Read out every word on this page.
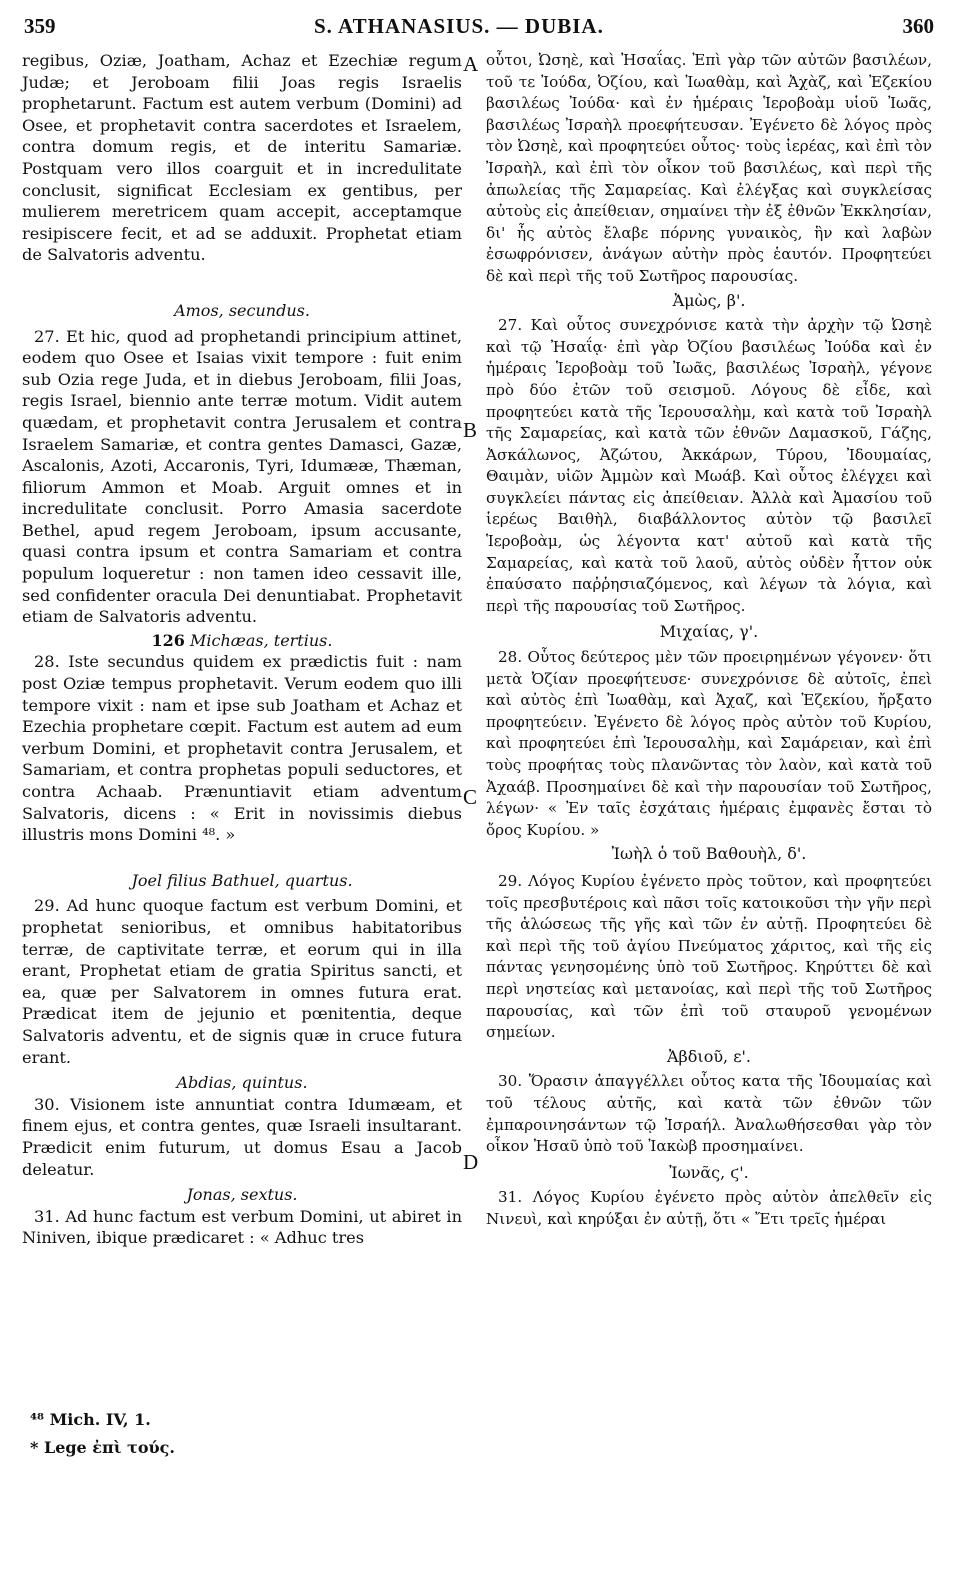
359	S. ATHANASIUS. — DUBIA.	360
A
B
C
D

regibus, Oziæ, Joatham, Achaz et Ezechiæ regum Judæ; et Jeroboam filii Joas regis Israelis prophetarunt. Factum est autem verbum (Domini) ad Osee, et prophetavit contra sacerdotes et Israelem, contra domum regis, et de interitu Samariæ. Postquam vero illos coarguit et in incredulitate conclusit, significat Ecclesiam ex gentibus, per mulierem meretricem quam accepit, acceptamque resipiscere fecit, et ad se adduxit. Prophetat etiam de Salvatoris adventu.

Amos, secundus.

27. Et hic, quod ad prophetandi principium attinet, eodem quo Osee et Isaias vixit tempore : fuit enim sub Ozia rege Juda, et in diebus Jeroboam, filii Joas, regis Israel, biennio ante terræ motum. Vidit autem quædam, et prophetavit contra Jerusalem et contra Israelem Samariæ, et contra gentes Damasci, Gazæ, Ascalonis, Azoti, Accaronis, Tyri, Idumææ, Thæman, filiorum Ammon et Moab. Arguit omnes et in incredulitate conclusit. Porro Amasia sacerdote Bethel, apud regem Jeroboam, ipsum accusante, quasi contra ipsum et contra Samariam et contra populum loqueretur : non tamen ideo cessavit ille, sed confidenter oracula Dei denuntiabat. Prophetavit etiam de Salvatoris adventu.

126 Michæas, tertius.

28. Iste secundus quidem ex prædictis fuit : nam post Oziæ tempus prophetavit. Verum eodem quo illi tempore vixit : nam et ipse sub Joatham et Achaz et Ezechia prophetare cœpit. Factum est autem ad eum verbum Domini, et prophetavit contra Jerusalem, et Samariam, et contra prophetas populi seductores, et contra Achaab. Prænuntiavit etiam adventum Salvatoris, dicens : « Erit in novissimis diebus illustris mons Domini ⁴⁸. »

Joel filius Bathuel, quartus.

29. Ad hunc quoque factum est verbum Domini, et prophetat senioribus, et omnibus habitatoribus terræ, de captivitate terræ, et eorum qui in illa erant, Prophetat etiam de gratia Spiritus sancti, et ea, quæ per Salvatorem in omnes futura erat. Prædicat item de jejunio et pœnitentia, deque Salvatoris adventu, et de signis quæ in cruce futura erant.

Abdias, quintus.

30. Visionem iste annuntiat contra Idumæam, et finem ejus, et contra gentes, quæ Israeli insultarant. Prædicit enim futurum, ut domus Esau a Jacob deleatur.

Jonas, sextus.

31. Ad hunc factum est verbum Domini, ut abiret in Niniven, ibique prædicaret : « Adhuc tres

οὗτοι, Ὠσηὲ, καὶ Ἠσαΐας. Ἐπὶ γὰρ τῶν αὐτῶν βασιλέων, τοῦ τε Ἰούδα, Ὀζίου, καὶ Ἰωαθὰμ, καὶ Ἀχὰζ, καὶ Ἐζεκίου βασιλέως Ἰούδα· καὶ ἐν ἡμέραις Ἱεροβοὰμ υἱοῦ Ἰωᾶς, βασιλέως Ἰσραὴλ προεφήτευσαν. Ἐγένετο δὲ λόγος πρὸς τὸν Ὠσηὲ, καὶ προφητεύει οὗτος· τοὺς ἱερέας, καὶ ἐπὶ τὸν Ἰσραὴλ, καὶ ἐπὶ τὸν οἶκον τοῦ βασιλέως, καὶ περὶ τῆς ἀπωλείας τῆς Σαμαρείας. Καὶ ἐλέγξας καὶ συγκλείσας αὐτοὺς εἰς ἀπείθειαν, σημαίνει τὴν ἐξ ἐθνῶν Ἐκκλησίαν, δι' ἧς αὐτὸς ἔλαβε πόρνης γυναικὸς, ἣν καὶ λαβὼν ἐσωφρόνισεν, ἀνάγων αὐτὴν πρὸς ἑαυτόν. Προφητεύει δὲ καὶ περὶ τῆς τοῦ Σωτῆρος παρουσίας.

Ἀμὼς, β'.

27. Καὶ οὗτος συνεχρόνισε κατὰ τὴν ἀρχὴν τῷ Ὠσηὲ καὶ τῷ Ἠσαΐᾳ· ἐπὶ γὰρ Ὀζίου βασιλέως Ἰούδα καὶ ἐν ἡμέραις Ἱεροβοὰμ τοῦ Ἰωᾶς, βασιλέως Ἰσραὴλ, γέγονε πρὸ δύο ἐτῶν τοῦ σεισμοῦ. Λόγους δὲ εἶδε, καὶ προφητεύει κατὰ τῆς Ἱερουσαλὴμ, καὶ κατὰ τοῦ Ἰσραὴλ τῆς Σαμαρείας, καὶ κατὰ τῶν ἐθνῶν Δαμασκοῦ, Γάζης, Ἀσκάλωνος, Ἀζώτου, Ἀκκάρων, Τύρου, Ἰδουμαίας, Θαιμὰν, υἱῶν Ἀμμὼν καὶ Μωάβ. Καὶ οὗτος ἐλέγχει καὶ συγκλείει πάντας εἰς ἀπείθειαν. Ἀλλὰ καὶ Ἀμασίου τοῦ ἱερέως Βαιθὴλ, διαβάλλοντος αὐτὸν τῷ βασιλεῖ Ἱεροβοὰμ, ὡς λέγοντα κατ' αὐτοῦ καὶ κατὰ τῆς Σαμαρείας, καὶ κατὰ τοῦ λαοῦ, αὐτὸς οὐδὲν ἧττον οὐκ ἐπαύσατο παῤῥησιαζόμενος, καὶ λέγων τὰ λόγια, καὶ περὶ τῆς παρουσίας τοῦ Σωτῆρος.

Μιχαίας, γ'.

28. Οὗτος δεύτερος μὲν τῶν προειρημένων γέγονεν· ὅτι μετὰ Ὀζίαν προεφήτευσε· συνεχρόνισε δὲ αὐτοῖς, ἐπεὶ καὶ αὐτὸς ἐπὶ Ἰωαθὰμ, καὶ Ἀχαζ, καὶ Ἐζεκίου, ἤρξατο προφητεύειν. Ἐγένετο δὲ λόγος πρὸς αὐτὸν τοῦ Κυρίου, καὶ προφητεύει ἐπὶ Ἱερουσαλὴμ, καὶ Σαμάρειαν, καὶ ἐπὶ τοὺς προφήτας τοὺς πλανῶντας τὸν λαὸν, καὶ κατὰ τοῦ Ἀχαάβ. Προσημαίνει δὲ καὶ τὴν παρουσίαν τοῦ Σωτῆρος, λέγων· « Ἐν ταῖς ἐσχάταις ἡμέραις ἐμφανὲς ἔσται τὸ ὄρος Κυρίου. »

Ἰωὴλ ὁ τοῦ Βαθουὴλ, δ'.

29. Λόγος Κυρίου ἐγένετο πρὸς τοῦτον, καὶ προφητεύει τοῖς πρεσβυτέροις καὶ πᾶσι τοῖς κατοικοῦσι τὴν γῆν περὶ τῆς ἁλώσεως τῆς γῆς καὶ τῶν ἐν αὐτῇ. Προφητεύει δὲ καὶ περὶ τῆς τοῦ ἁγίου Πνεύματος χάριτος, καὶ τῆς εἰς πάντας γενησομένης ὑπὸ τοῦ Σωτῆρος. Κηρύττει δὲ καὶ περὶ νηστείας καὶ μετανοίας, καὶ περὶ τῆς τοῦ Σωτῆρος παρουσίας, καὶ τῶν ἐπὶ τοῦ σταυροῦ γενομένων σημείων.

Ἀβδιοῦ, ε'.

30. Ὅρασιν ἀπαγγέλλει οὗτος κατα τῆς Ἰδουμαίας καὶ τοῦ τέλους αὐτῆς, καὶ κατὰ τῶν ἐθνῶν τῶν ἐμπαροινησάντων τῷ Ἰσραήλ. Ἀναλωθήσεσθαι γὰρ τὸν οἶκον Ἠσαῦ ὑπὸ τοῦ Ἰακὼβ προσημαίνει.

Ἰωνᾶς, ϛ'.

31. Λόγος Κυρίου ἐγένετο πρὸς αὐτὸν ἀπελθεῖν εἰς Νινευὶ, καὶ κηρύξαι ἐν αὐτῇ, ὅτι « Ἔτι τρεῖς ἡμέραι

⁴⁸ Mich. IV, 1.

* Lege ἐπὶ τούς.
